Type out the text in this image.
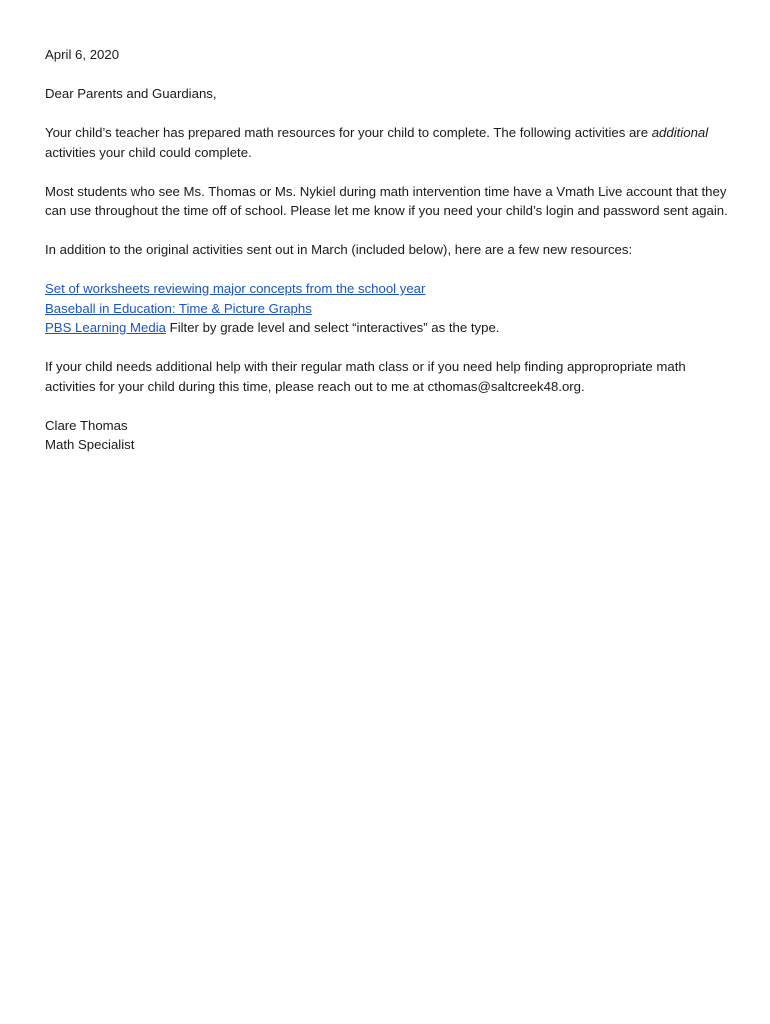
April 6, 2020

Dear Parents and Guardians,

Your child’s teacher has prepared math resources for your child to complete. The following activities are additional activities your child could complete.

Most students who see Ms. Thomas or Ms. Nykiel during math intervention time have a Vmath Live account that they can use throughout the time off of school. Please let me know if you need your child’s login and password sent again.

In addition to the original activities sent out in March (included below), here are a few new resources:

Set of worksheets reviewing major concepts from the school year
Baseball in Education: Time & Picture Graphs
PBS Learning Media Filter by grade level and select “interactives” as the type.

If your child needs additional help with their regular math class or if you need help finding appropropriate math activities for your child during this time, please reach out to me at cthomas@saltcreek48.org.

Clare Thomas
Math Specialist
